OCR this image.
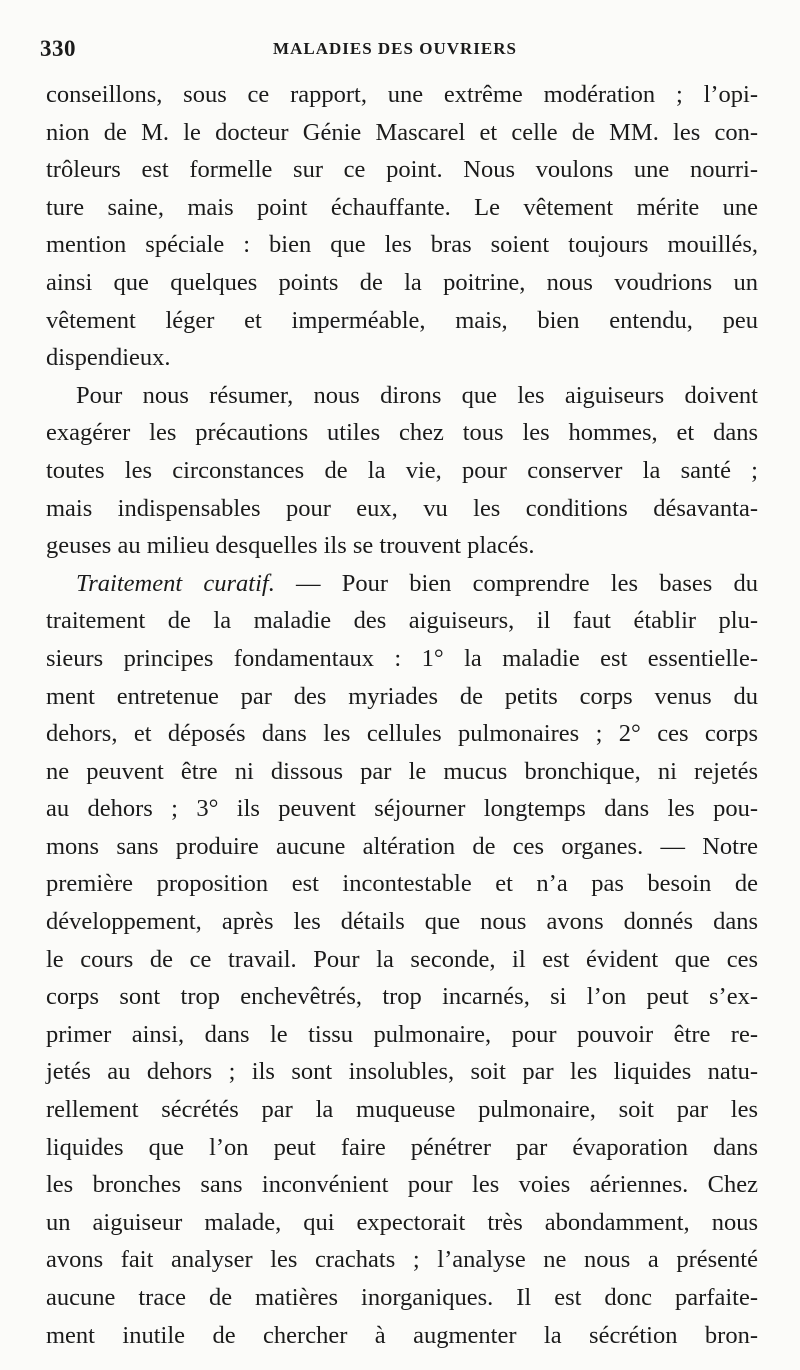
330	MALADIES DES OUVRIERS
conseillons, sous ce rapport, une extrême modération ; l’opi-
nion de M. le docteur Génie Mascarel et celle de MM. les con-
trôleurs est formelle sur ce point. Nous voulons une nourri-
ture saine, mais point échauffante. Le vêtement mérite une
mention spéciale : bien que les bras soient toujours mouillés,
ainsi que quelques points de la poitrine, nous voudrions un
vêtement léger et imperméable, mais, bien entendu, peu
dispendieux.
Pour nous résumer, nous dirons que les aiguiseurs doivent
exagérer les précautions utiles chez tous les hommes, et dans
toutes les circonstances de la vie, pour conserver la santé ;
mais indispensables pour eux, vu les conditions désavanta-
geuses au milieu desquelles ils se trouvent placés.
Traitement curatif. — Pour bien comprendre les bases du
traitement de la maladie des aiguiseurs, il faut établir plu-
sieurs principes fondamentaux : 1° la maladie est essentielle-
ment entretenue par des myriades de petits corps venus du
dehors, et déposés dans les cellules pulmonaires ; 2° ces corps
ne peuvent être ni dissous par le mucus bronchique, ni rejetés
au dehors ; 3° ils peuvent séjourner longtemps dans les pou-
mons sans produire aucune altération de ces organes. — Notre
première proposition est incontestable et n’a pas besoin de
développement, après les détails que nous avons donnés dans
le cours de ce travail. Pour la seconde, il est évident que ces
corps sont trop enchevêtrés, trop incarnés, si l’on peut s’ex-
primer ainsi, dans le tissu pulmonaire, pour pouvoir être re-
jetés au dehors ; ils sont insolubles, soit par les liquides natu-
rellement sécrétés par la muqueuse pulmonaire, soit par les
liquides que l’on peut faire pénétrer par évaporation dans
les bronches sans inconvénient pour les voies aériennes. Chez
un aiguiseur malade, qui expectorait très abondamment, nous
avons fait analyser les crachats ; l’analyse ne nous a présenté
aucune trace de matières inorganiques. Il est donc parfaite-
ment inutile de chercher à augmenter la sécrétion bron-
